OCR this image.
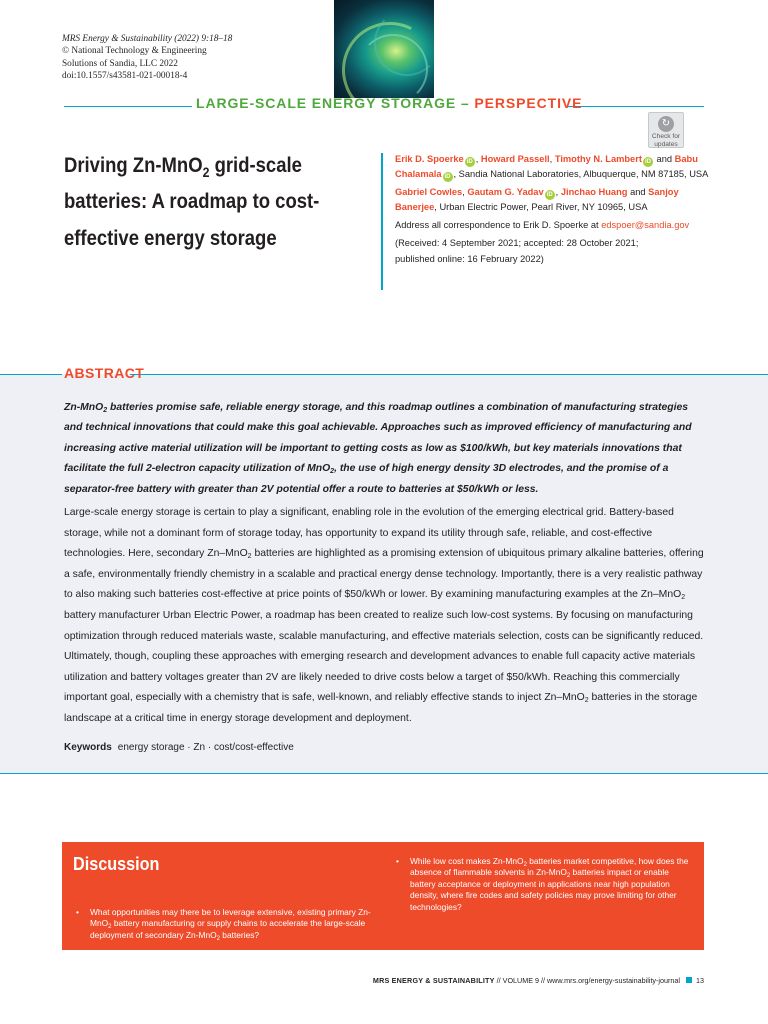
MRS Energy & Sustainability (2022) 9:18–18
© National Technology & Engineering
Solutions of Sandia, LLC 2022
doi:10.1557/s43581-021-00018-4
LARGE-SCALE ENERGY STORAGE – PERSPECTIVE
↻
Check for
updates
Driving Zn-MnO$_2$ grid-scale batteries: A roadmap to cost-effective energy storage
Erik D. Spoerke iD , Howard Passell, Timothy N. Lambert iD and Babu Chalamala iD , Sandia National Laboratories, Albuquerque, NM 87185, USA
Gabriel Cowles, Gautam G. Yadav iD , Jinchao Huang and Sanjoy Banerjee, Urban Electric Power, Pearl River, NY 10965, USA
Address all correspondence to Erik D. Spoerke at edspoer@sandia.gov
(Received: 4 September 2021; accepted: 28 October 2021;
published online: 16 February 2022)
ABSTRACT

Zn-MnO$_2$ batteries promise safe, reliable energy storage, and this roadmap outlines a combination of manufacturing strategies and technical innovations that could make this goal achievable. Approaches such as improved efficiency of manufacturing and increasing active material utilization will be important to getting costs as low as $100/kWh, but key materials innovations that facilitate the full 2-electron capacity utilization of MnO$_2$, the use of high energy density 3D electrodes, and the promise of a separator-free battery with greater than 2V potential offer a route to batteries at $50/kWh or less.

Large-scale energy storage is certain to play a significant, enabling role in the evolution of the emerging electrical grid. Battery-based storage, while not a dominant form of storage today, has opportunity to expand its utility through safe, reliable, and cost-effective technologies. Here, secondary Zn–MnO$_2$ batteries are highlighted as a promising extension of ubiquitous primary alkaline batteries, offering a safe, environmentally friendly chemistry in a scalable and practical energy dense technology. Importantly, there is a very realistic pathway to also making such batteries cost-effective at price points of $50/kWh or lower. By examining manufacturing examples at the Zn–MnO$_2$ battery manufacturer Urban Electric Power, a roadmap has been created to realize such low-cost systems. By focusing on manufacturing optimization through reduced materials waste, scalable manufacturing, and effective materials selection, costs can be significantly reduced. Ultimately, though, coupling these approaches with emerging research and development advances to enable full capacity active materials utilization and battery voltages greater than 2V are likely needed to drive costs below a target of $50/kWh. Reaching this commercially important goal, especially with a chemistry that is safe, well-known, and reliably effective stands to inject Zn–MnO$_2$ batteries in the storage landscape at a critical time in energy storage development and deployment.

Keywords energy storage · Zn · cost/cost-effective
Discussion
• What opportunities may there be to leverage extensive, existing primary Zn-MnO$_2$ battery manufacturing or supply chains to accelerate the large-scale deployment of secondary Zn-MnO$_2$ batteries?
• While low cost makes Zn-MnO$_2$ batteries market competitive, how does the absence of flammable solvents in Zn-MnO$_2$ batteries impact or enable battery acceptance or deployment in applications near high population density, where fire codes and safety policies may prove limiting for other technologies?
MRS ENERGY & SUSTAINABILITY // VOLUME 9 // www.mrs.org/energy-sustainability-journal 13
